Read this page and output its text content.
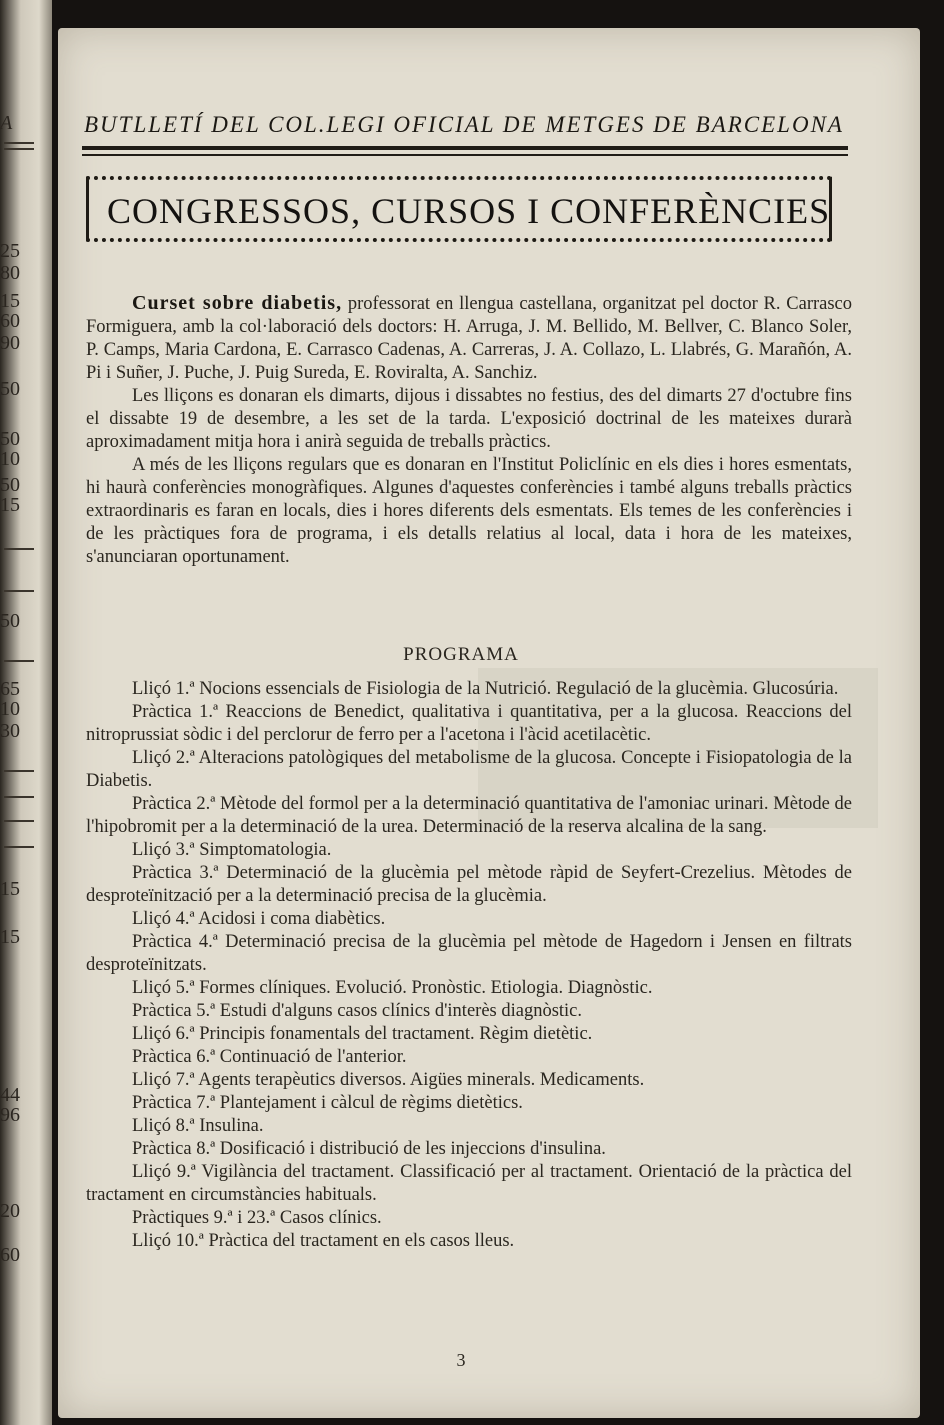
A
25
80
15
60
90
50
50
10
50
15
50
65
10
30
15
15
44
96
20
60
BUTLLETÍ DEL COL.LEGI OFICIAL DE METGES DE BARCELONA
CONGRESSOS, CURSOS I CONFERÈNCIES

Curset sobre diabetis, professorat en llengua castellana, organitzat pel doctor R. Carrasco Formiguera, amb la col·laboració dels doctors: H. Arruga, J. M. Bellido, M. Bellver, C. Blanco Soler, P. Camps, Maria Cardona, E. Carrasco Cadenas, A. Carreras, J. A. Collazo, L. Llabrés, G. Marañón, A. Pi i Suñer, J. Puche, J. Puig Sureda, E. Roviralta, A. Sanchiz.

Les lliçons es donaran els dimarts, dijous i dissabtes no festius, des del dimarts 27 d'octubre fins el dissabte 19 de desembre, a les set de la tarda. L'exposició doctrinal de les mateixes durarà aproximadament mitja hora i anirà seguida de treballs pràctics.

A més de les lliçons regulars que es donaran en l'Institut Policlínic en els dies i hores esmentats, hi haurà conferències monogràfiques. Algunes d'aquestes conferències i també alguns treballs pràctics extraordinaris es faran en locals, dies i hores diferents dels esmentats. Els temes de les conferències i de les pràctiques fora de programa, i els detalls relatius al local, data i hora de les mateixes, s'anunciaran oportunament.

PROGRAMA

Lliçó 1.ª Nocions essencials de Fisiologia de la Nutrició. Regulació de la glucèmia. Glucosúria.

Pràctica 1.ª Reaccions de Benedict, qualitativa i quantitativa, per a la glucosa. Reaccions del nitroprussiat sòdic i del perclorur de ferro per a l'acetona i l'àcid acetilacètic.

Lliçó 2.ª Alteracions patològiques del metabolisme de la glucosa. Concepte i Fisiopatologia de la Diabetis.

Pràctica 2.ª Mètode del formol per a la determinació quantitativa de l'amoniac urinari. Mètode de l'hipobromit per a la determinació de la urea. Determinació de la reserva alcalina de la sang.

Lliçó 3.ª Simptomatologia.

Pràctica 3.ª Determinació de la glucèmia pel mètode ràpid de Seyfert-Crezelius. Mètodes de desproteïnització per a la determinació precisa de la glucèmia.

Lliçó 4.ª Acidosi i coma diabètics.

Pràctica 4.ª Determinació precisa de la glucèmia pel mètode de Hagedorn i Jensen en filtrats desproteïnitzats.

Lliçó 5.ª Formes clíniques. Evolució. Pronòstic. Etiologia. Diagnòstic.

Pràctica 5.ª Estudi d'alguns casos clínics d'interès diagnòstic.

Lliçó 6.ª Principis fonamentals del tractament. Règim dietètic.

Pràctica 6.ª Continuació de l'anterior.

Lliçó 7.ª Agents terapèutics diversos. Aigües minerals. Medicaments.

Pràctica 7.ª Plantejament i càlcul de règims dietètics.

Lliçó 8.ª Insulina.

Pràctica 8.ª Dosificació i distribució de les injeccions d'insulina.

Lliçó 9.ª Vigilància del tractament. Classificació per al tractament. Orientació de la pràctica del tractament en circumstàncies habituals.

Pràctiques 9.ª i 23.ª Casos clínics.

Lliçó 10.ª Pràctica del tractament en els casos lleus.

3
